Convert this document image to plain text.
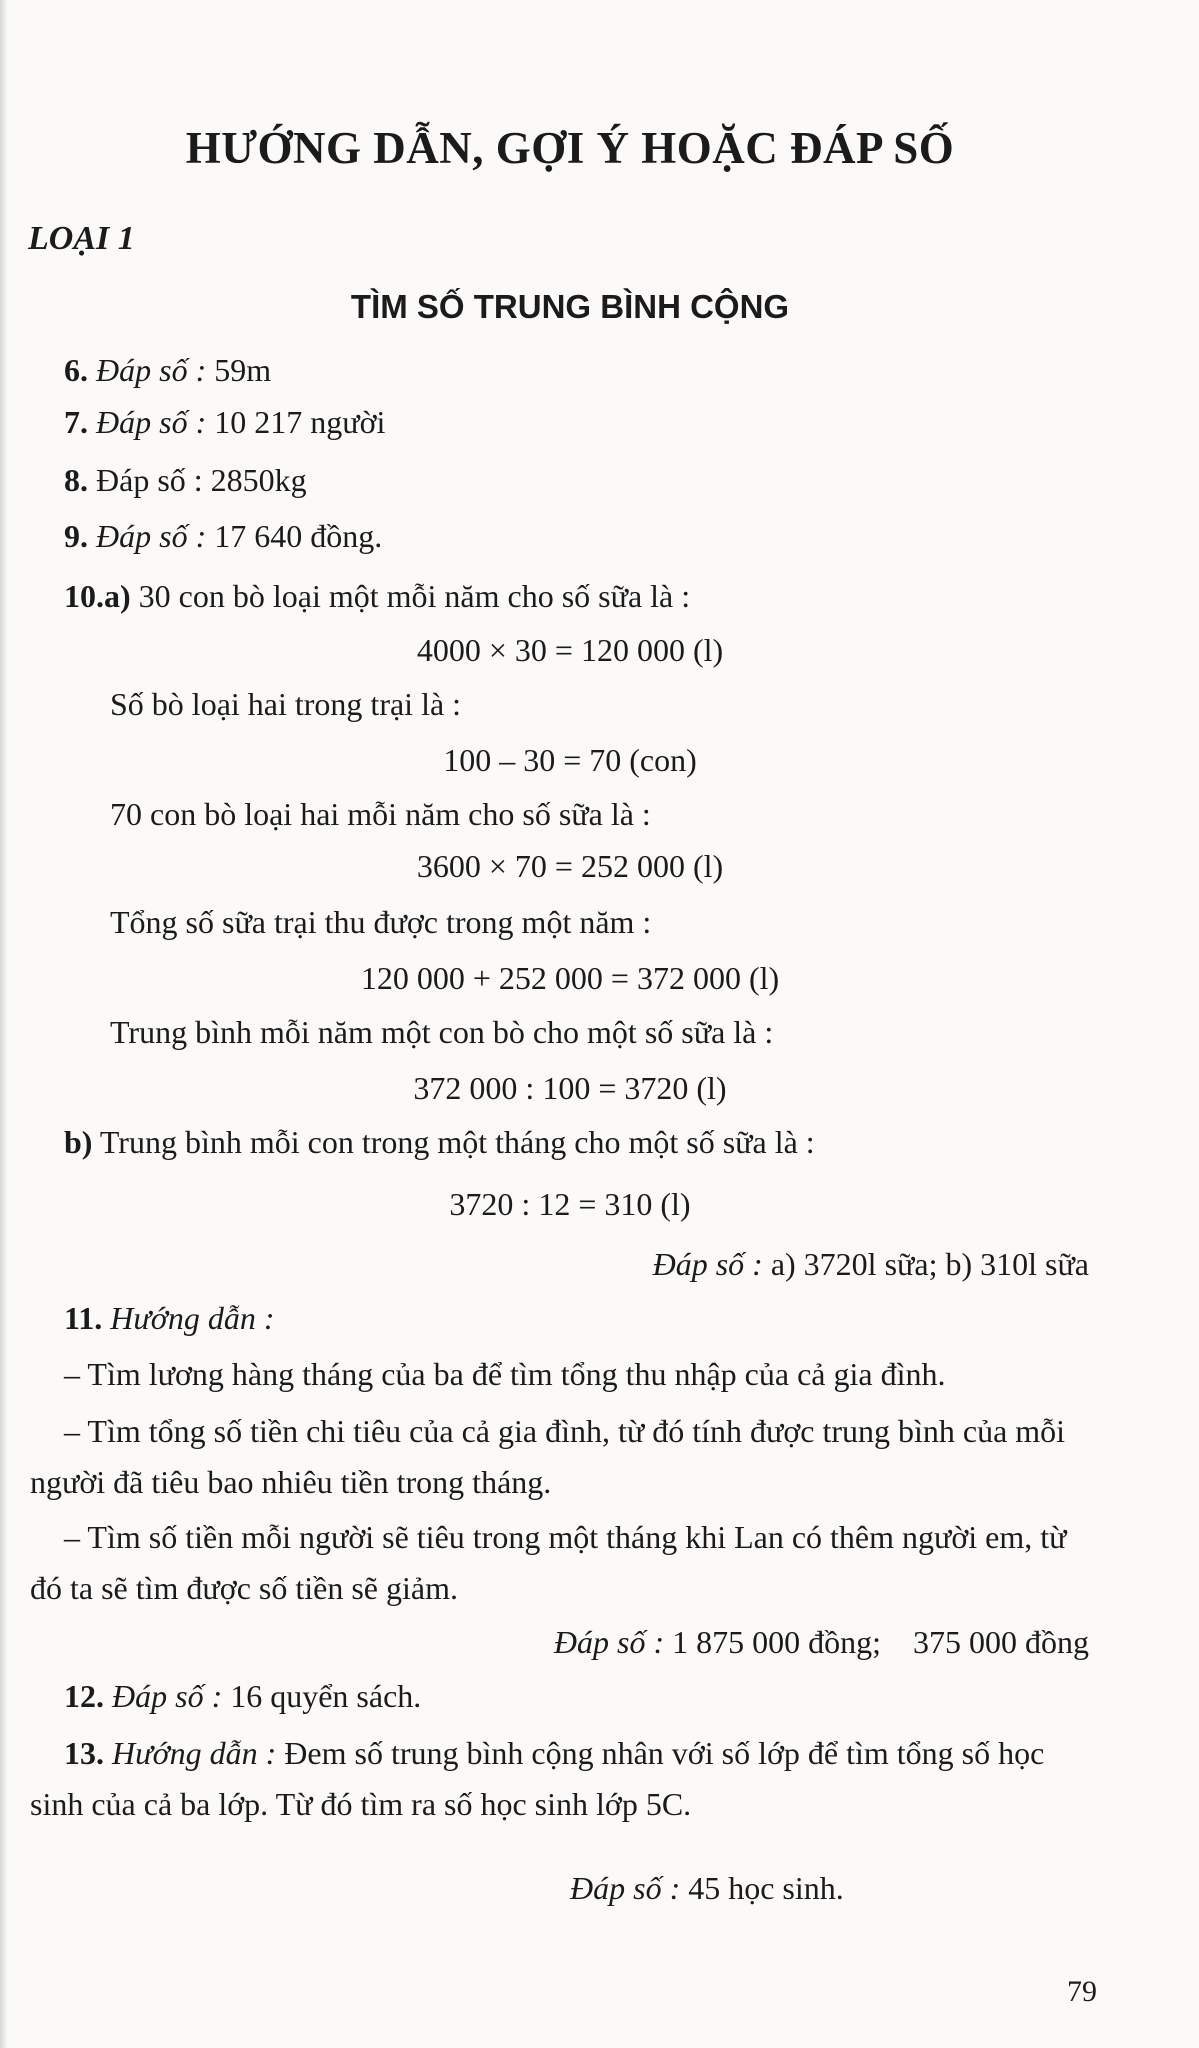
HƯỚNG DẪN, GỢI Ý HOẶC ĐÁP SỐ
LOẠI 1
TÌM SỐ TRUNG BÌNH CỘNG
6. Đáp số : 59m
7. Đáp số : 10 217 người
8. Đáp số : 2850kg
9. Đáp số : 17 640 đồng.
10.a) 30 con bò loại một mỗi năm cho số sữa là :
4000 × 30 = 120 000 (l)
Số bò loại hai trong trại là :
100 – 30 = 70 (con)
70 con bò loại hai mỗi năm cho số sữa là :
3600 × 70 = 252 000 (l)
Tổng số sữa trại thu được trong một năm :
120 000 + 252 000 = 372 000 (l)
Trung bình mỗi năm một con bò cho một số sữa là :
372 000 : 100 = 3720 (l)
b) Trung bình mỗi con trong một tháng cho một số sữa là :
3720 : 12 = 310 (l)
Đáp số : a) 3720l sữa; b) 310l sữa
11. Hướng dẫn :
– Tìm lương hàng tháng của ba để tìm tổng thu nhập của cả gia đình.
– Tìm tổng số tiền chi tiêu của cả gia đình, từ đó tính được trung bình của mỗi người đã tiêu bao nhiêu tiền trong tháng.
– Tìm số tiền mỗi người sẽ tiêu trong một tháng khi Lan có thêm người em, từ đó ta sẽ tìm được số tiền sẽ giảm.
Đáp số : 1 875 000 đồng;    375 000 đồng
12. Đáp số : 16 quyển sách.
13. Hướng dẫn : Đem số trung bình cộng nhân với số lớp để tìm tổng số học sinh của cả ba lớp. Từ đó tìm ra số học sinh lớp 5C.
Đáp số : 45 học sinh.
79
